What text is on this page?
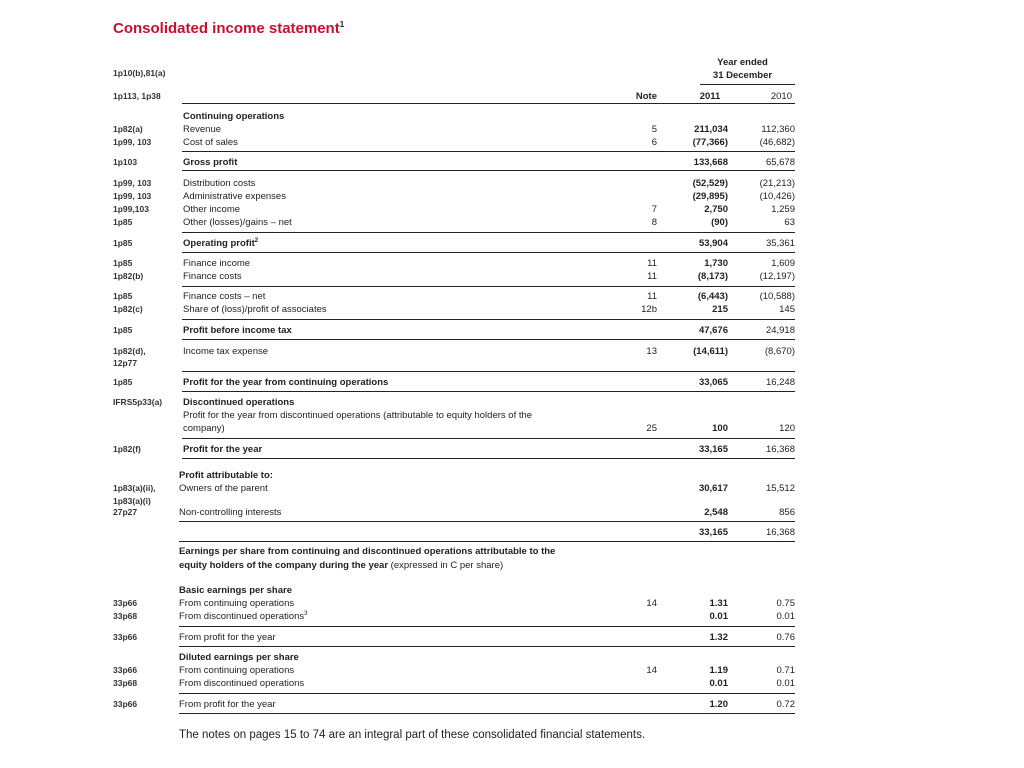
Consolidated income statement$^1$
1p10(b),81(a)
1p113, 1p38
Year ended
31 December
Note	2011	2010
Continuing operations
1p82(a)	Revenue	5	211,034	112,360
1p99, 103	Cost of sales	6	(77,366)	(46,682)
1p103	Gross profit	133,668	65,678
1p99, 103	Distribution costs	(52,529)	(21,213)
1p99, 103	Administrative expenses	(29,895)	(10,426)
1p99,103	Other income	7	2,750	1,259
1p85	Other (losses)/gains – net	8	(90)	63
1p85	Operating profit$^2$	53,904	35,361
1p85	Finance income	11	1,730	1,609
1p82(b)	Finance costs	11	(8,173)	(12,197)
1p85	Finance costs – net	11	(6,443)	(10,588)
1p82(c)	Share of (loss)/profit of associates	12b	215	145
1p85	Profit before income tax	47,676	24,918
1p82(d),
12p77
Income tax expense	13	(14,611)	(8,670)
1p85	Profit for the year from continuing operations	33,065	16,248
IFRS5p33(a) Discontinued operations
Profit for the year from discontinued operations (attributable to equity holders of the
company)	25	100	120
1p82(f)	Profit for the year	33,165	16,368
Profit attributable to:
1p83(a)(ii), Owners of the parent	30,617	15,512
1p83(a)(i)
27p27	Non-controlling interests	2,548	856
33,165	16,368
Earnings per share from continuing and discontinued operations attributable to the
equity holders of the company during the year (expressed in C per share)
Basic earnings per share
33p66	From continuing operations	14	1.31	0.75
33p68	From discontinued operations$^3$	0.01	0.01
33p66	From profit for the year	1.32	0.76
Diluted earnings per share
33p66	From continuing operations	14	1.19	0.71
33p68	From discontinued operations	0.01	0.01
33p66	From profit for the year	1.20	0.72
The notes on pages 15 to 74 are an integral part of these consolidated financial statements.
